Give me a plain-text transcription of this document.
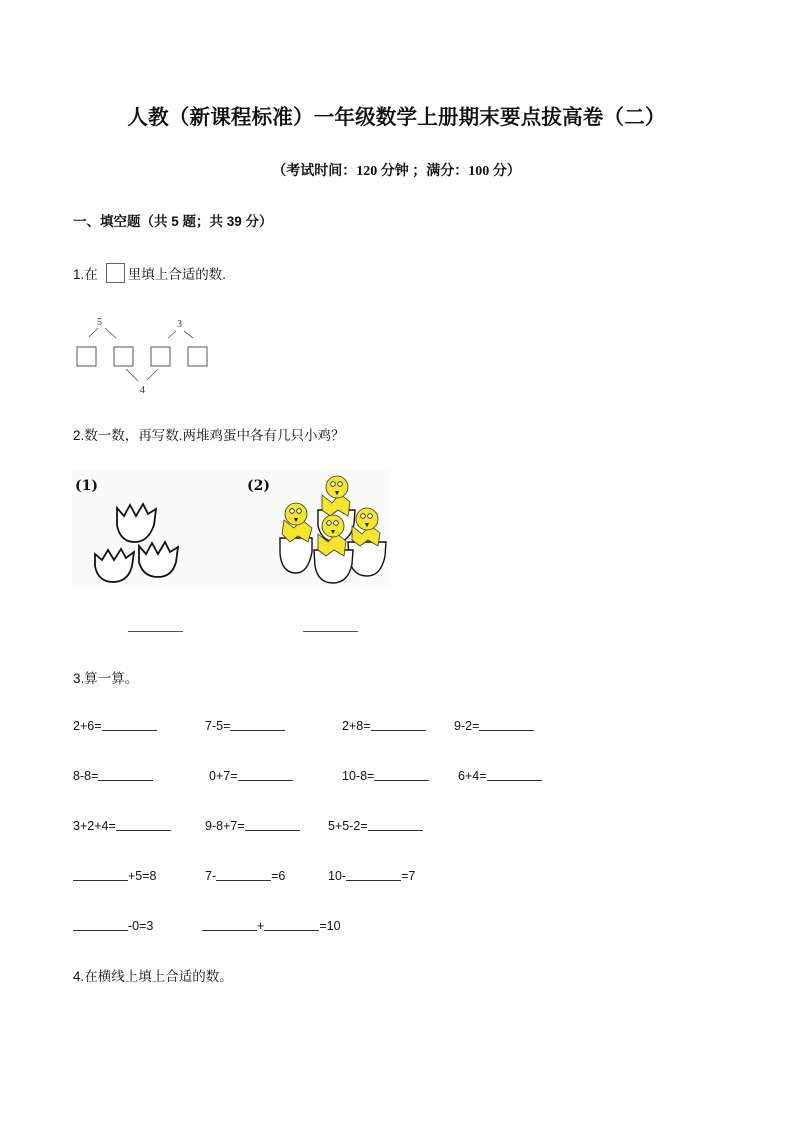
人教（新课程标准）一年级数学上册期末要点拔高卷（二）
（考试时间：120 分钟 ；满分：100 分）
一、填空题（共 5 题；共 39 分）
1.在 里填上合适的数.
5	3
4
2.数一数，再写数.两堆鸡蛋中各有几只小鸡？
(1)	(2)
3.算一算。
2+6=	7-5=	2+8=	9-2=
8-8=	0+7=	10-8=	6+4=
3+2+4=	9-8+7=	5+5-2=
+5=8	7-	=6	10-	=7
-0=3	+	=10
4.在横线上填上合适的数。
